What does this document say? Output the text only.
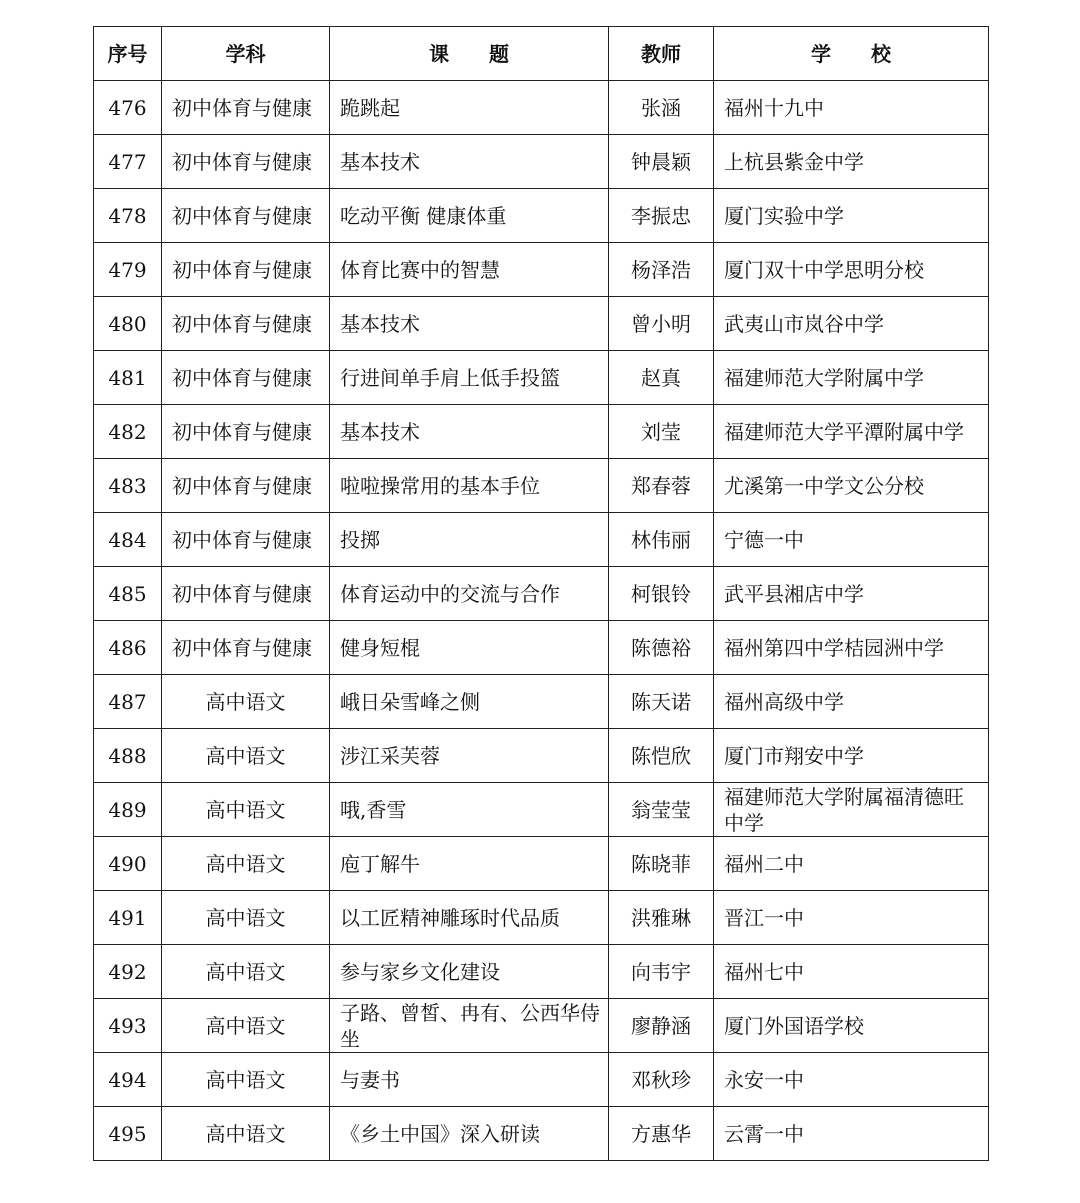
序号	学科	课　　题	教师	学　　校
476	初中体育与健康	跪跳起	张涵	福州十九中
477	初中体育与健康	基本技术	钟晨颖	上杭县紫金中学
478	初中体育与健康	吃动平衡 健康体重	李振忠	厦门实验中学
479	初中体育与健康	体育比赛中的智慧	杨泽浩	厦门双十中学思明分校
480	初中体育与健康	基本技术	曾小明	武夷山市岚谷中学
481	初中体育与健康	行进间单手肩上低手投篮	赵真	福建师范大学附属中学
482	初中体育与健康	基本技术	刘莹	福建师范大学平潭附属中学
483	初中体育与健康	啦啦操常用的基本手位	郑春蓉	尤溪第一中学文公分校
484	初中体育与健康	投掷	林伟丽	宁德一中
485	初中体育与健康	体育运动中的交流与合作	柯银铃	武平县湘店中学
486	初中体育与健康	健身短棍	陈德裕	福州第四中学桔园洲中学
487	高中语文	峨日朵雪峰之侧	陈天诺	福州高级中学
488	高中语文	涉江采芙蓉	陈恺欣	厦门市翔安中学
489	高中语文	哦,香雪	翁莹莹	福建师范大学附属福清德旺中学
490	高中语文	庖丁解牛	陈晓菲	福州二中
491	高中语文	以工匠精神雕琢时代品质	洪雅琳	晋江一中
492	高中语文	参与家乡文化建设	向韦宇	福州七中
493	高中语文	子路、曾皙、冉有、公西华侍坐	廖静涵	厦门外国语学校
494	高中语文	与妻书	邓秋珍	永安一中
495	高中语文	《乡土中国》深入研读	方惠华	云霄一中
